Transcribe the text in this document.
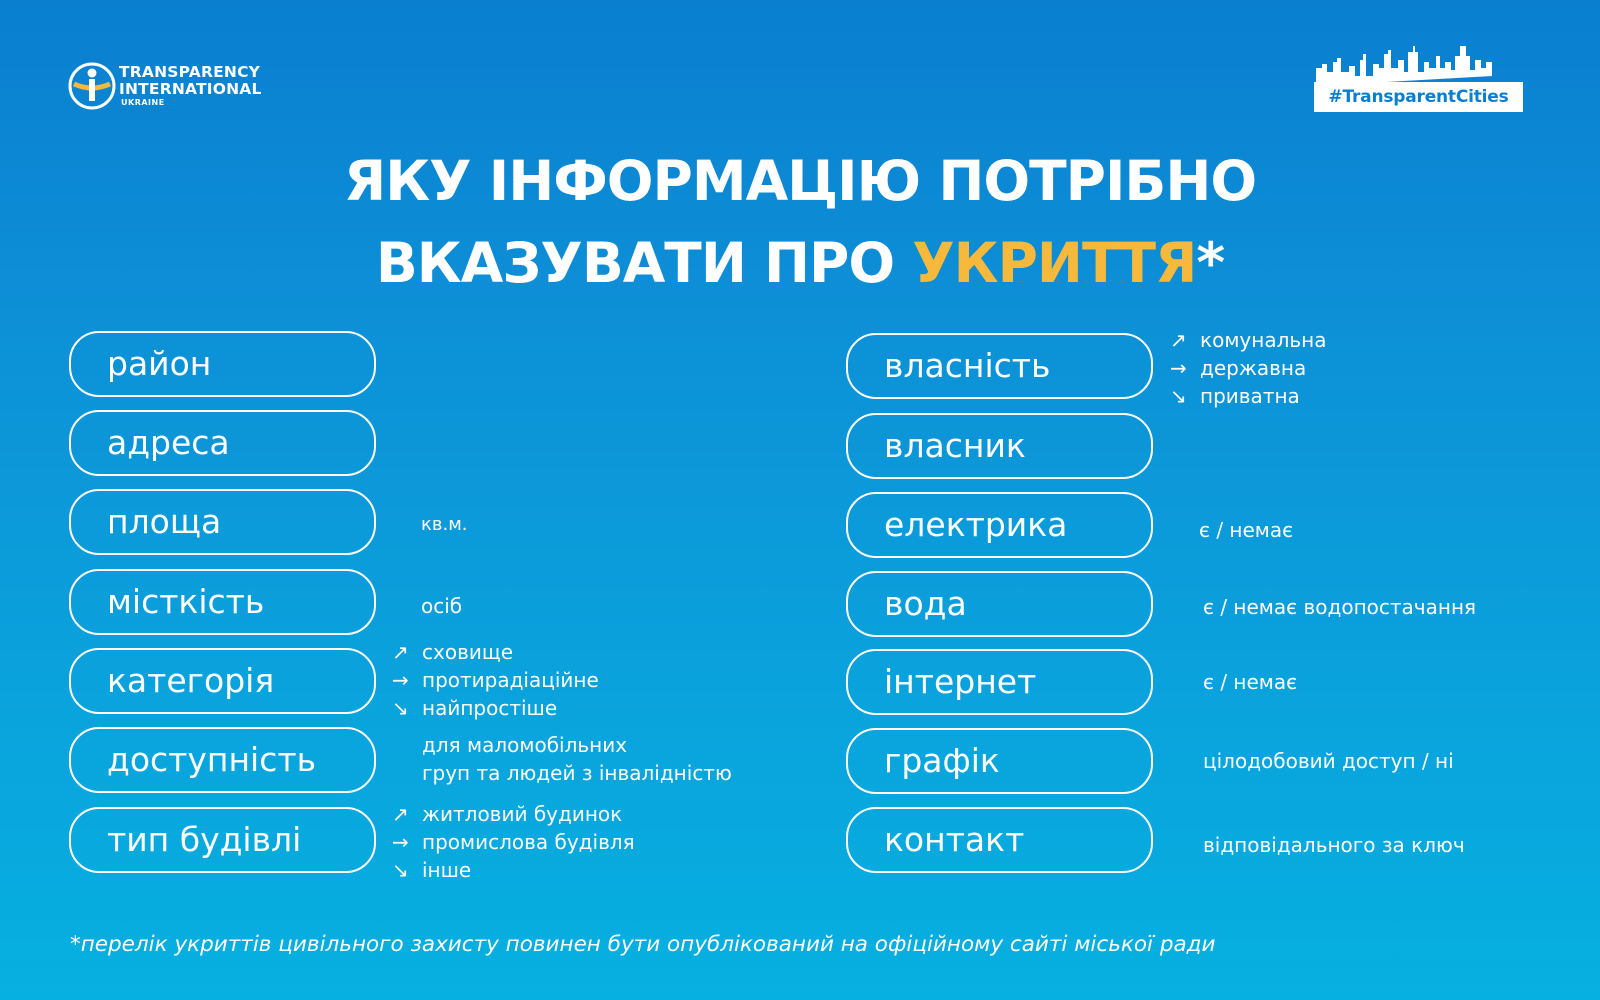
TRANSPARENCY
INTERNATIONAL
UKRAINE	#TransparentCities
ЯКУ ІНФОРМАЦІЮ ПОТРІБНО
ВКАЗУВАТИ ПРО УКРИТТЯ*
район
адреса
площа	кв.м.
місткість	осіб
категорія
↗ сховище
→ протирадіаційне
↘ найпростіше
доступність	для маломобільних
груп та людей з інвалідністю
тип будівлі
↗ житловий будинок
→ промислова будівля
↘ інше
власність
↗ комунальна
→ державна
↘ приватна
власник
електрика	є / немає
вода	є / немає водопостачання
інтернет	є / немає
графік	цілодобовий доступ / ні
контакт	відповідального за ключ
*перелік укриттів цивільного захисту повинен бути опублікований на офіційному сайті міської ради
